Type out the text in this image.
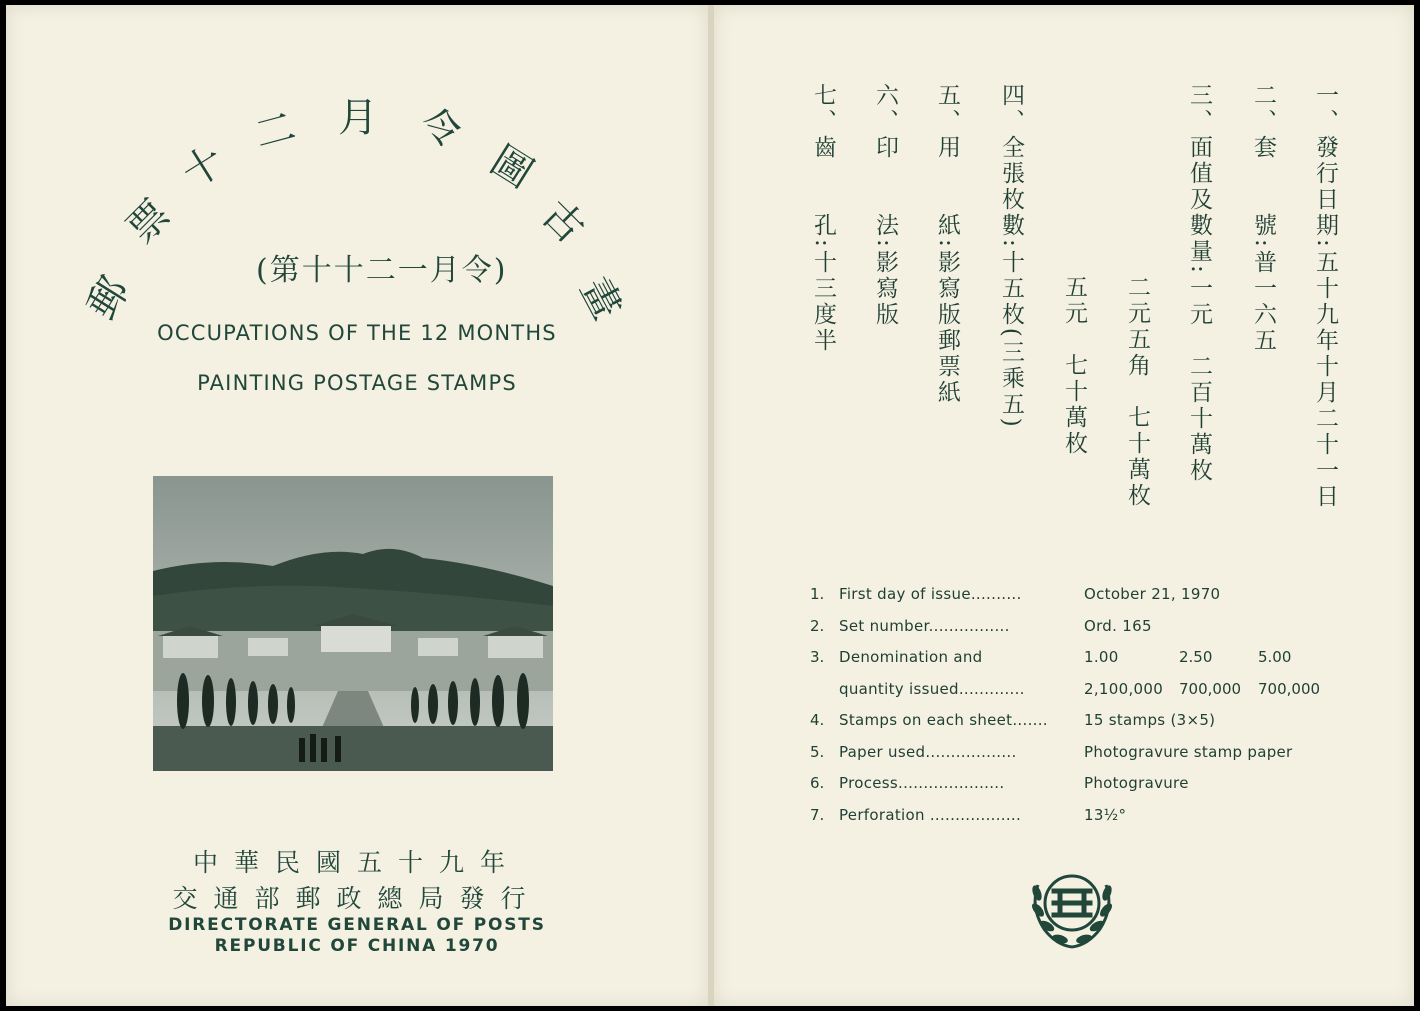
郵
票
十
二 月 令
圖
古
畫
(第十十二一月令)
OCCUPATIONS OF THE 12 MONTHS
PAINTING POSTAGE STAMPS
中華民國五十九年
交通部郵政總局發行
DIRECTORATE GENERAL OF POSTS
REPUBLIC OF CHINA 1970
一、發行日期:五十九年十月二十一日
二、套　　號:普一六五
三、面值及數量:一元　二百十萬枚
二元五角　七十萬枚
五元　七十萬枚
四、全張枚數:十五枚(三乘五)
五、用　　紙:影寫版郵票紙
六、印　　法:影寫版
七、齒　　孔:十三度半
1. First day of issue..........	October 21, 1970
2. Set number................	Ord. 165
3. Denomination and	1.00	2.50	5.00
quantity issued.............	2,100,000 700,000 700,000
4. Stamps on each sheet....... 15 stamps (3×5)
5. Paper used..................	Photogravure stamp paper
6. Process.....................	Photogravure
7. Perforation ..................	13½°
